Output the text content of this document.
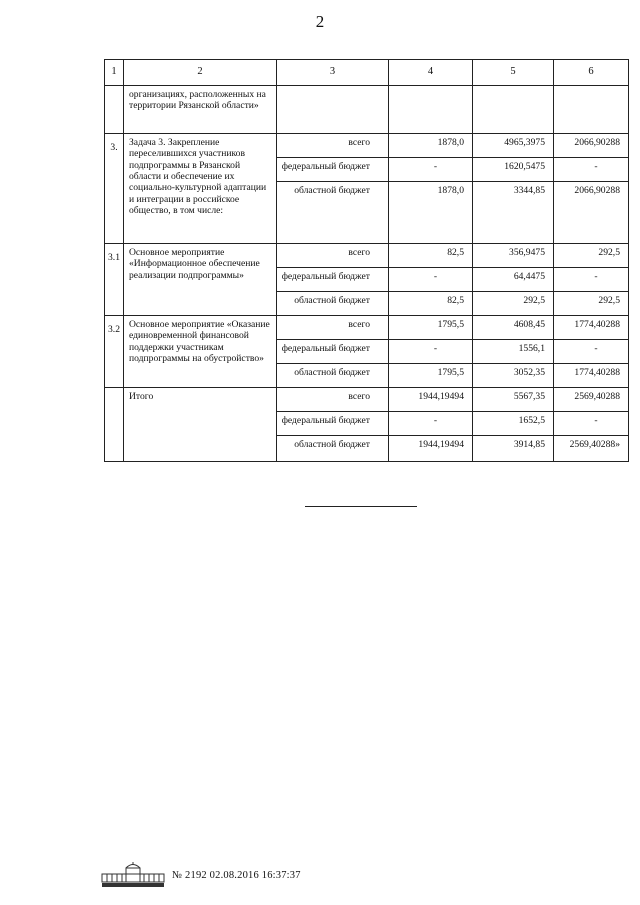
2
1	2	3	4	5	6
	организациях, расположенных на территории Рязанской области»				
3.	Задача 3. Закрепление переселившихся участников подпрограммы в Рязанской области и обеспечение их социально-культурной адаптации и интеграции в российское общество, в том числе:	всего	1878,0	4965,3975	2066,90288
		федеральный бюджет	-	1620,5475	-
		областной бюджет	1878,0	3344,85	2066,90288
3.1	Основное мероприятие «Информационное обеспечение реализации подпрограммы»	всего	82,5	356,9475	292,5
		федеральный бюджет	-	64,4475	-
		областной бюджет	82,5	292,5	292,5
3.2	Основное мероприятие «Оказание единовременной финансовой поддержки участникам подпрограммы на обустройство»	всего	1795,5	4608,45	1774,40288
		федеральный бюджет	-	1556,1	-
		областной бюджет	1795,5	3052,35	1774,40288
	Итого	всего	1944,19494	5567,35	2569,40288
		федеральный бюджет	-	1652,5	-
		областной бюджет	1944,19494	3914,85	2569,40288»
№ 2192 02.08.2016 16:37:37
